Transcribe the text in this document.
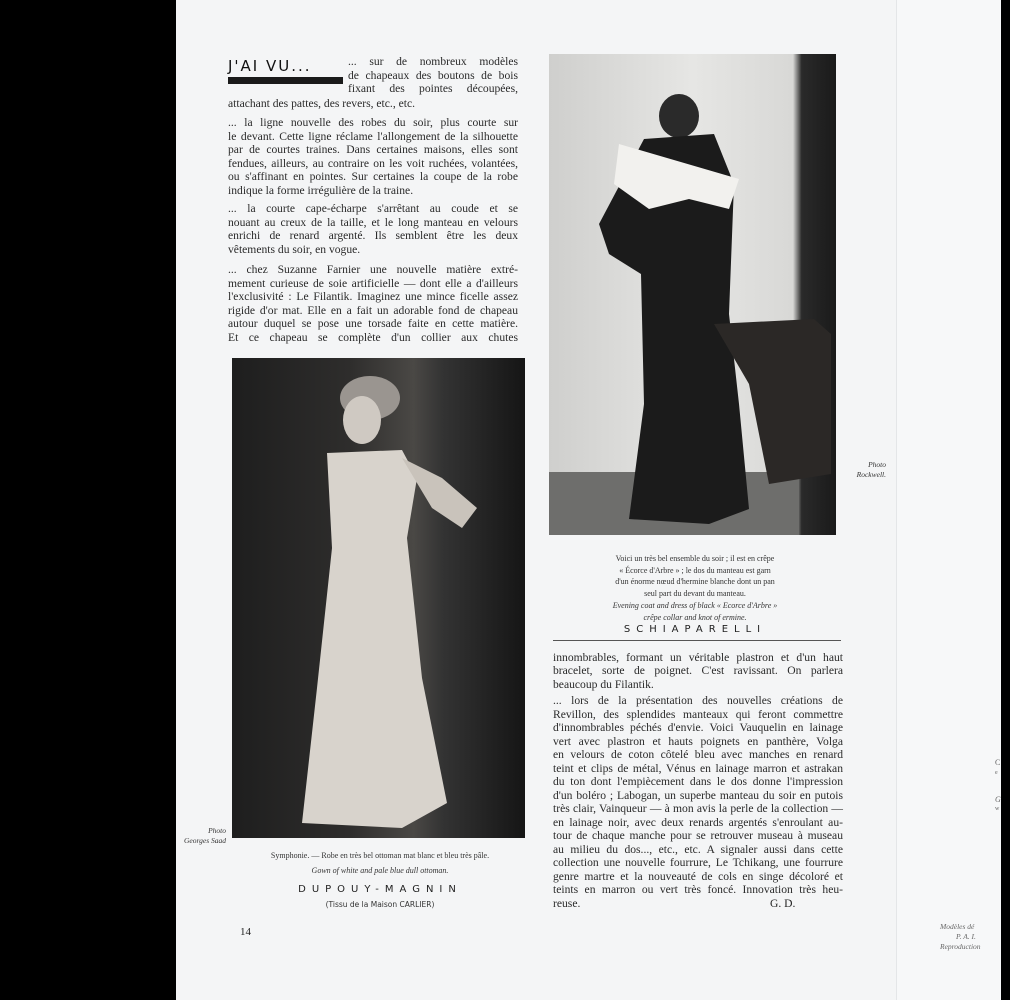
J'AI VU...	... sur de nombreux modèles
de chapeaux des boutons de bois
fixant des pointes découpées,
attachant des pattes, des revers, etc., etc.
... la ligne nouvelle des robes du soir, plus courte sur
le devant. Cette ligne réclame l'allongement de la silhouette
par de courtes traines. Dans certaines maisons, elles sont
fendues, ailleurs, au contraire on les voit ruchées, volantées,
ou s'affinant en pointes. Sur certaines la coupe de la robe
indique la forme irrégulière de la traine.
... la courte cape-écharpe s'arrêtant au coude et se
nouant au creux de la taille, et le long manteau en velours
enrichi de renard argenté. Ils semblent être les deux
vêtements du soir, en vogue.
... chez Suzanne Farnier une nouvelle matière extré-
mement curieuse de soie artificielle — dont elle a d'ailleurs
l'exclusivité : Le Filantik. Imaginez une mince ficelle assez
rigide d'or mat. Elle en a fait un adorable fond de chapeau
autour duquel se pose une torsade faite en cette matière.
Et ce chapeau se complète d'un collier aux chutes
Photo
Georges Saad
Photo
Rockwell.
Symphonie. — Robe en très bel ottoman mat blanc et bleu très pâle.
Gown of white and pale blue dull ottoman.
DUPOUY-MAGNIN
(Tissu de la Maison CARLIER)
Voici un très bel ensemble du soir ; il est en crêpe
« Écorce d'Arbre » ; le dos du manteau est garn
d'un énorme nœud d'hermine blanche dont un pan
seul part du devant du manteau.
Evening coat and dress of black « Ecorce d'Arbre »
crêpe collar and knot of ermine.
SCHIAPARELLI
innombrables, formant un véritable plastron et d'un haut
bracelet, sorte de poignet. C'est ravissant. On parlera
beaucoup du Filantik.
... lors de la présentation des nouvelles créations de
Revillon, des splendides manteaux qui feront commettre
d'innombrables péchés d'envie. Voici Vauquelin en lainage
vert avec plastron et hauts poignets en panthère, Volga
en velours de coton côtelé bleu avec manches en renard
teint et clips de métal, Vénus en lainage marron et astrakan
du ton dont l'empiècement dans le dos donne l'impression
d'un boléro ; Labogan, un superbe manteau du soir en putois
très clair, Vainqueur — à mon avis la perle de la collection —
en lainage noir, avec deux renards argentés s'enroulant au-
tour de chaque manche pour se retrouver museau à museau
au milieu du dos..., etc., etc. A signaler aussi dans cette
collection une nouvelle fourrure, Le Tchikang, une fourrure
genre martre et la nouveauté de cols en singe décoloré et
teints en marron ou vert très foncé. Innovation très heu-
reuse.	G. D.
14
C
e
G
w
Modèles dé
P. A. I.
Reproduction
